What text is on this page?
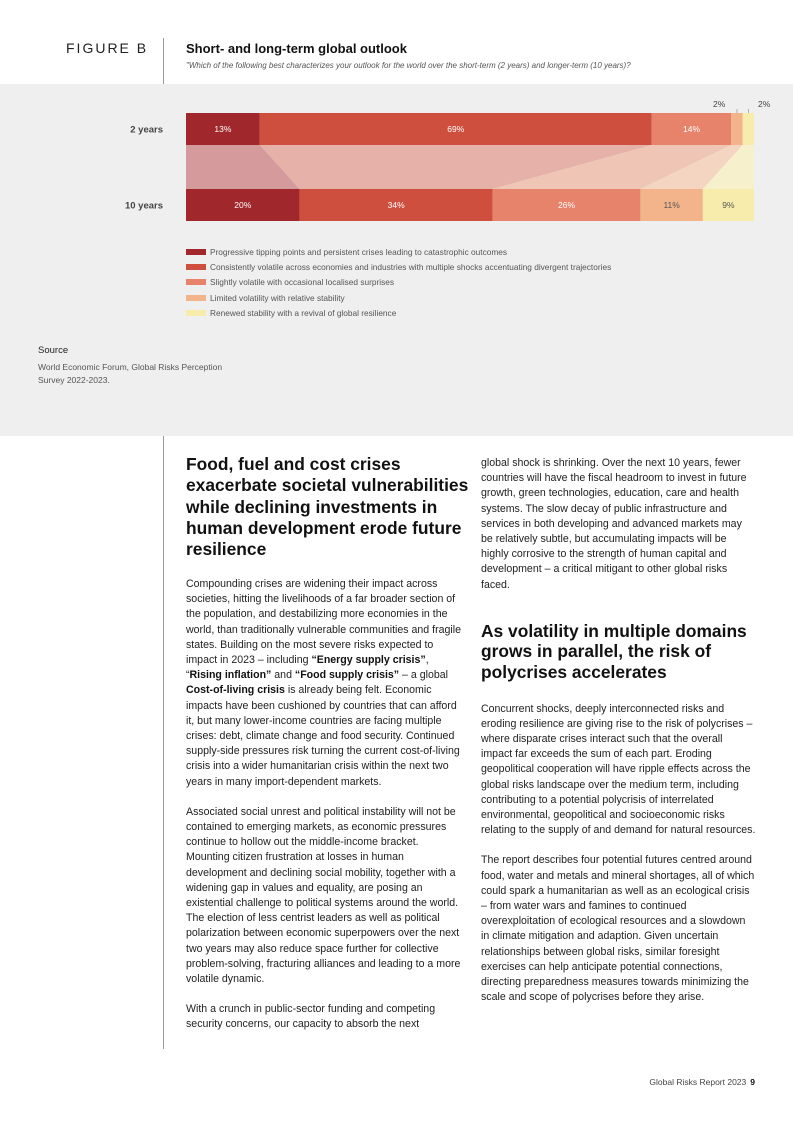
FIGURE B	Short- and long-term global outlook
"Which of the following best characterizes your outlook for the world over the short-term (2 years) and longer-term (10 years)?
2 years	13%	69%	14%
2%	2%
10 years	20%	34%	26%	11%	9%
Progressive tipping points and persistent crises leading to catastrophic outcomes
Consistently volatile across economies and industries with multiple shocks accentuating divergent trajectories
Slightly volatile with occasional localised surprises
Limited volatility with relative stability
Renewed stability with a revival of global resilience
Source
World Economic Forum, Global Risks Perception Survey 2022-2023.
Food, fuel and cost crises exacerbate societal vulnerabilities while declining investments in human development erode future resilience

Compounding crises are widening their impact across societies, hitting the livelihoods of a far broader section of the population, and destabilizing more economies in the world, than traditionally vulnerable communities and fragile states. Building on the most severe risks expected to impact in 2023 – including “Energy supply crisis”, “Rising inflation” and “Food supply crisis” – a global Cost-of-living crisis is already being felt. Economic impacts have been cushioned by countries that can afford it, but many lower-income countries are facing multiple crises: debt, climate change and food security. Continued supply-side pressures risk turning the current cost-of-living crisis into a wider humanitarian crisis within the next two years in many import-dependent markets.

Associated social unrest and political instability will not be contained to emerging markets, as economic pressures continue to hollow out the middle-income bracket. Mounting citizen frustration at losses in human development and declining social mobility, together with a widening gap in values and equality, are posing an existential challenge to political systems around the world. The election of less centrist leaders as well as political polarization between economic superpowers over the next two years may also reduce space further for collective problem-solving, fracturing alliances and leading to a more volatile dynamic.

With a crunch in public-sector funding and competing security concerns, our capacity to absorb the next

global shock is shrinking. Over the next 10 years, fewer countries will have the fiscal headroom to invest in future growth, green technologies, education, care and health systems. The slow decay of public infrastructure and services in both developing and advanced markets may be relatively subtle, but accumulating impacts will be highly corrosive to the strength of human capital and development – a critical mitigant to other global risks faced.

As volatility in multiple domains grows in parallel, the risk of polycrises accelerates

Concurrent shocks, deeply interconnected risks and eroding resilience are giving rise to the risk of polycrises – where disparate crises interact such that the overall impact far exceeds the sum of each part. Eroding geopolitical cooperation will have ripple effects across the global risks landscape over the medium term, including contributing to a potential polycrisis of interrelated environmental, geopolitical and socioeconomic risks relating to the supply of and demand for natural resources.

The report describes four potential futures centred around food, water and metals and mineral shortages, all of which could spark a humanitarian as well as an ecological crisis – from water wars and famines to continued overexploitation of ecological resources and a slowdown in climate mitigation and adaption. Given uncertain relationships between global risks, similar foresight exercises can help anticipate potential connections, directing preparedness measures towards minimizing the scale and scope of polycrises before they arise.

Global Risks Report 2023 9
